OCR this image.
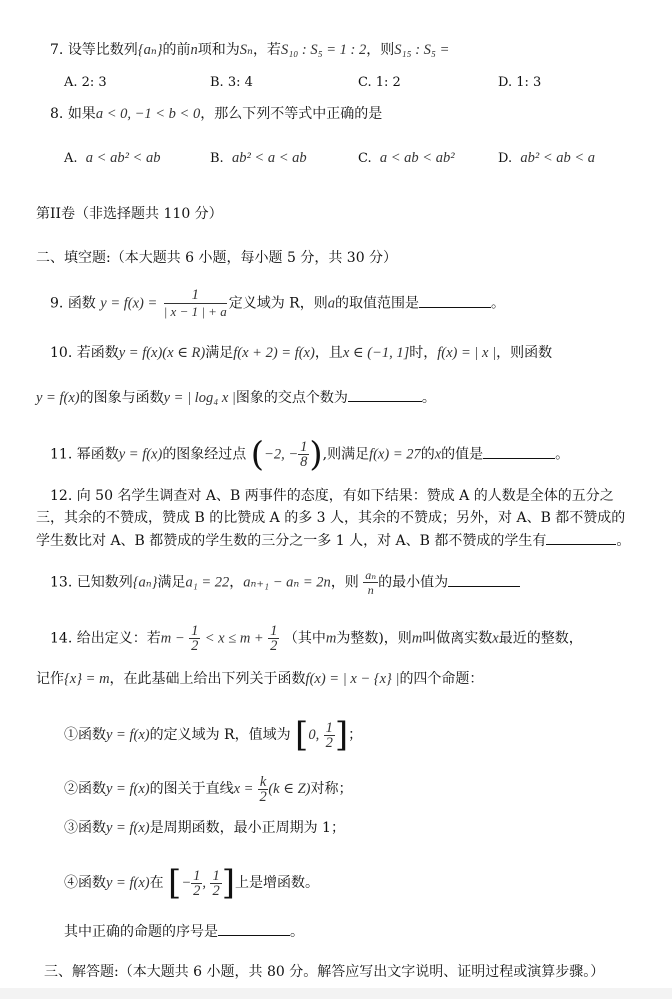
7. 设等比数列{aₙ}的前n项和为Sₙ，若S₁₀ : S₅ = 1 : 2，则S₁₅ : S₅ =
A. 2: 3	B. 3: 4	C. 1: 2	D. 1: 3
8. 如果a < 0, −1 < b < 0，那么下列不等式中正确的是
A. a < ab² < ab	B. ab² < a < ab	C. a < ab < ab²	D. ab² < ab < a
第II卷（非选择题共 110 分）
二、填空题:（本大题共 6 小题，每小题 5 分，共 30 分）
9. 函数 $y = f(x) = \frac{1}{| x - 1 | + a}$ 定义域为 R，则a的取值范围是	。
10. 若函数y = f(x)(x ∈ R)满足f(x + 2) = f(x)，且x ∈ (−1, 1]时，f(x) = | x |，则函数
y = f(x)的图象与函数y = | log₄ x |图象的交点个数为	。
11. 幂函数y = f(x)的图象经过点 (−2, − $\frac{1}{8}$ ),则满足f(x) = 27的x的值是	。
12. 向 50 名学生调查对 A、B 两事件的态度，有如下结果：赞成 A 的人数是全体的五分之
三，其余的不赞成，赞成 B 的比赞成 A 的多 3 人，其余的不赞成；另外，对 A、B 都不赞成的
学生数比对 A、B 都赞成的学生数的三分之一多 1 人，对 A、B 都不赞成的学生有	。
13. 已知数列{aₙ}满足a₁ = 22，aₙ₊₁ − aₙ = 2n，则 $\frac{\text{aₙ}}{n}$ 的最小值为
14. 给出定义：若$m - \frac{1}{2} < x \le m + \frac{1}{2}$ （其中m为整数)，则m叫做离实数x最近的整数，
记作{x} = m，在此基础上给出下列关于函数f(x) = | x − {x} |的四个命题：
①函数y = f(x)的定义域为 R，值域为 [0, $\frac{1}{2}$ ]；
②函数y = f(x)的图关于直线$x = \frac{k}{2} (k$ ∈ Z)对称；
③函数y = f(x)是周期函数，最小正周期为 1；
④函数y = f(x)在 [− $\frac{1}{2}$ , $\frac{1}{2}$ ]上是增函数。
其中正确的命题的序号是	。
三、解答题:（本大题共 6 小题，共 80 分。解答应写出文字说明、证明过程或演算步骤。）
